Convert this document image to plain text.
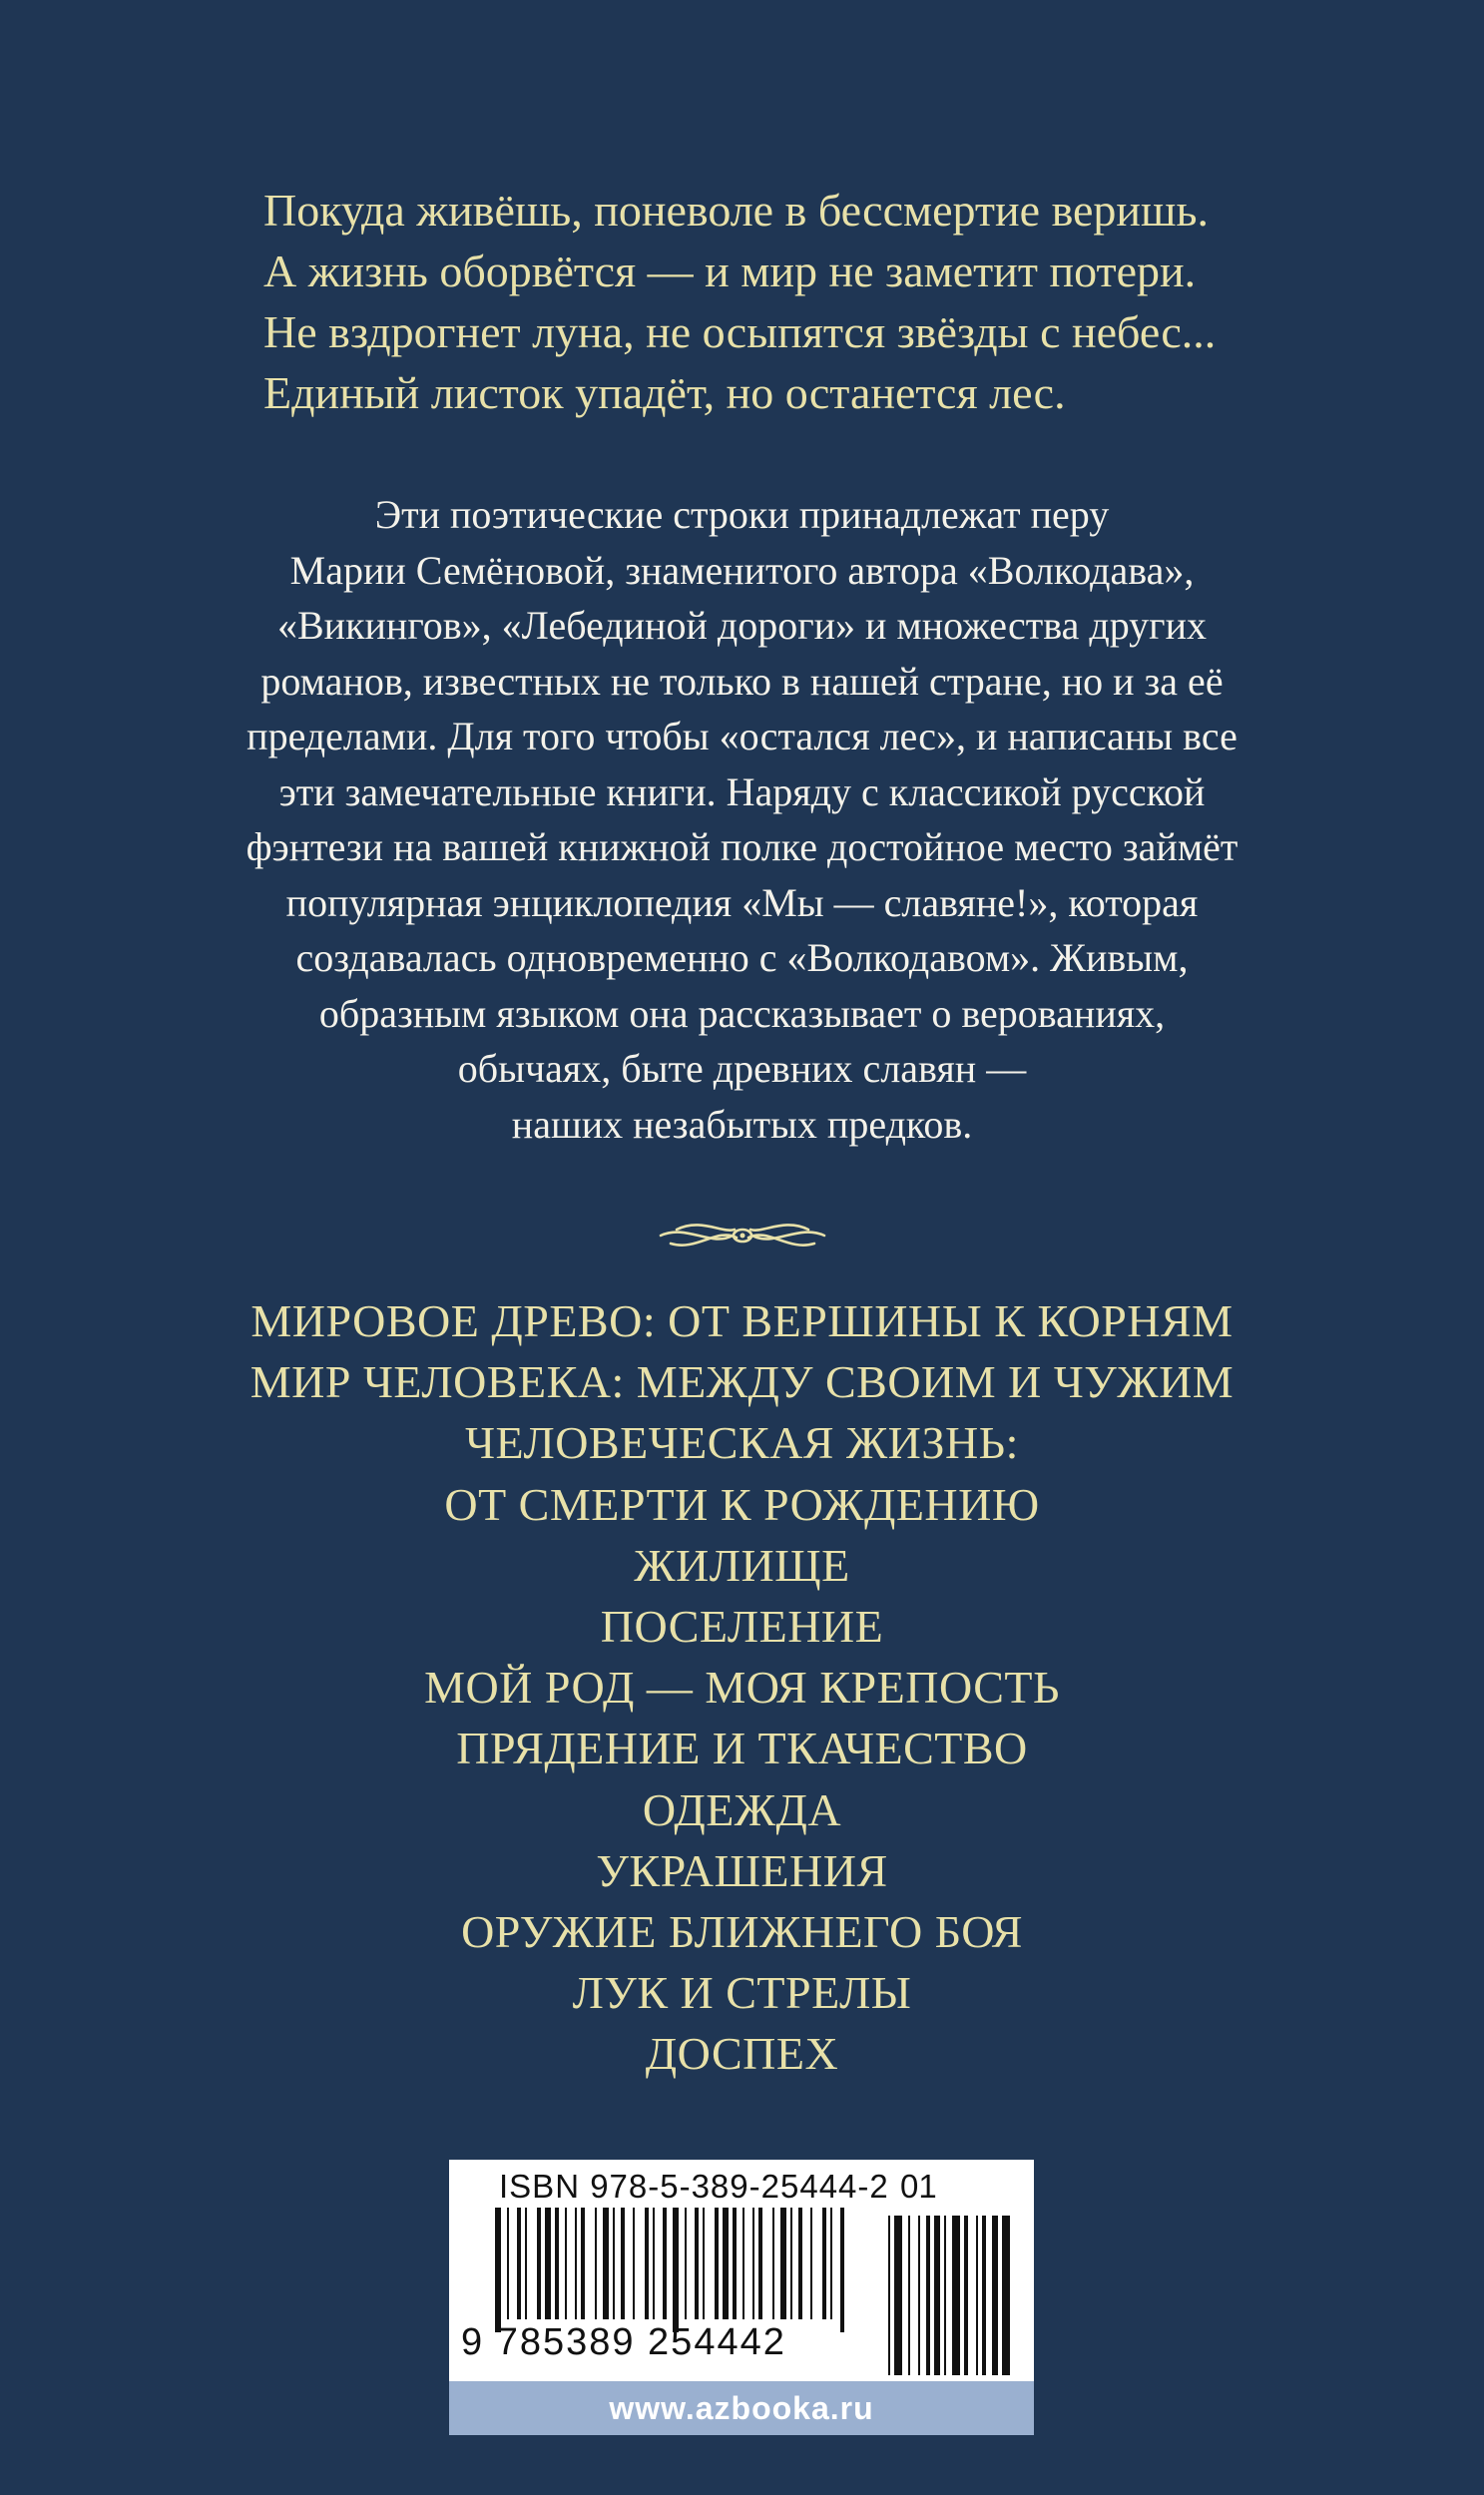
Покуда живёшь, поневоле в бессмертие веришь.
А жизнь оборвётся — и мир не заметит потери.
Не вздрогнет луна, не осыпятся звёзды с небес...
Единый листок упадёт, но останется лес.
Эти поэтические строки принадлежат перу
Марии Семёновой, знаменитого автора «Волкодава»,
«Викингов», «Лебединой дороги» и множества других
романов, известных не только в нашей стране, но и за её
пределами. Для того чтобы «остался лес», и написаны все
эти замечательные книги. Наряду с классикой русской
фэнтези на вашей книжной полке достойное место займёт
популярная энциклопедия «Мы — славяне!», которая
создавалась одновременно с «Волкодавом». Живым,
образным языком она рассказывает о верованиях,
обычаях, быте древних славян —
наших незабытых предков.
МИРОВОЕ ДРЕВО: ОТ ВЕРШИНЫ К КОРНЯМ
МИР ЧЕЛОВЕКА: МЕЖДУ СВОИМ И ЧУЖИМ
ЧЕЛОВЕЧЕСКАЯ ЖИЗНЬ:
ОТ СМЕРТИ К РОЖДЕНИЮ
ЖИЛИЩЕ
ПОСЕЛЕНИЕ
МОЙ РОД — МОЯ КРЕПОСТЬ
ПРЯДЕНИЕ И ТКАЧЕСТВО
ОДЕЖДА
УКРАШЕНИЯ
ОРУЖИЕ БЛИЖНЕГО БОЯ
ЛУК И СТРЕЛЫ
ДОСПЕХ
ISBN 978-5-389-25444-2 01
9 785389 254442
www.azbooka.ru
